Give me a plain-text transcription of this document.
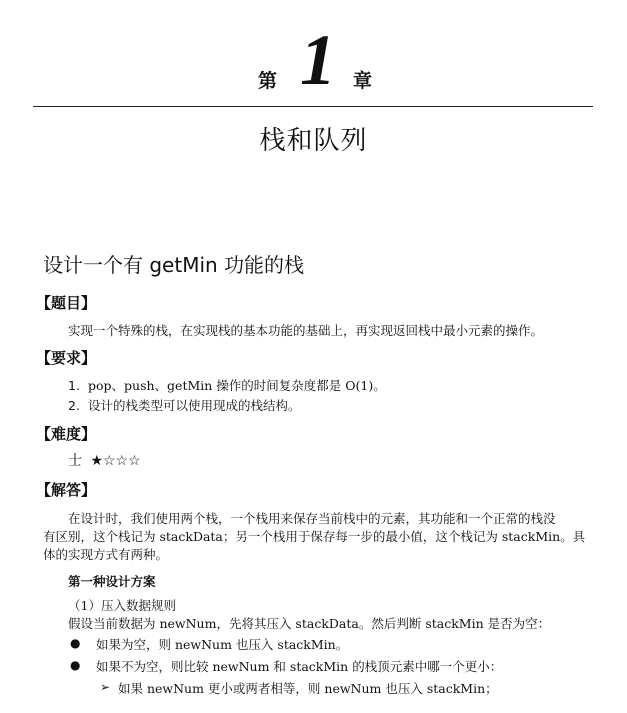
第 1 章
栈和队列
设计一个有 getMin 功能的栈
【题目】
实现一个特殊的栈，在实现栈的基本功能的基础上，再实现返回栈中最小元素的操作。
【要求】
1. pop、push、getMin 操作的时间复杂度都是 O(1)。
2. 设计的栈类型可以使用现成的栈结构。
【难度】
士 ★☆☆☆
【解答】
在设计时，我们使用两个栈，一个栈用来保存当前栈中的元素，其功能和一个正常的栈没
有区别，这个栈记为 stackData；另一个栈用于保存每一步的最小值，这个栈记为 stackMin。具
体的实现方式有两种。
第一种设计方案
（1）压入数据规则
假设当前数据为 newNum，先将其压入 stackData。然后判断 stackMin 是否为空：
● 如果为空，则 newNum 也压入 stackMin。
● 如果不为空，则比较 newNum 和 stackMin 的栈顶元素中哪一个更小：
➢ 如果 newNum 更小或两者相等，则 newNum 也压入 stackMin；
